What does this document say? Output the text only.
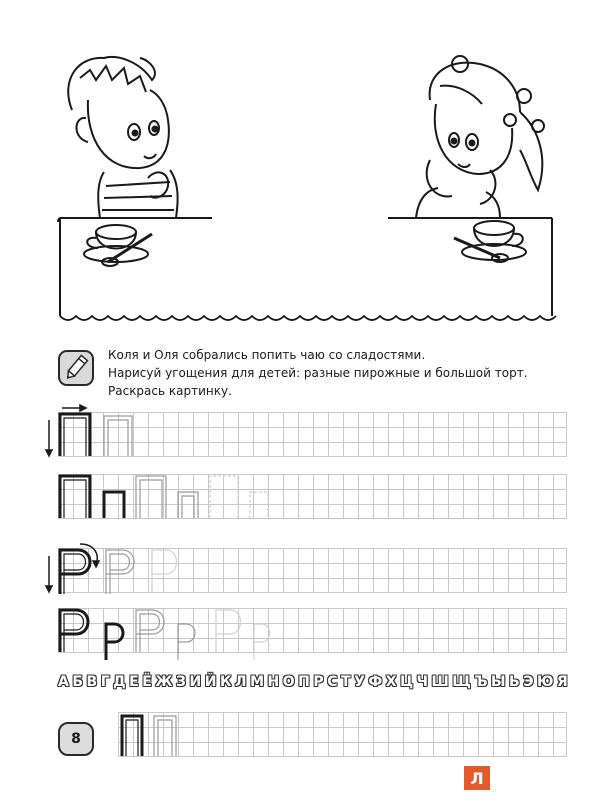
Коля и Оля собрались попить чаю со сладостями.
Нарисуй угощения для детей: разные пирожные и большой торт.
Раскрась картинку.
А Б В Г Д Е Ё Ж З И Й К Л М Н О П Р С Т У Ф Х Ц Ч Ш Щ Ъ Ы Ь Э Ю Я
8
Л
